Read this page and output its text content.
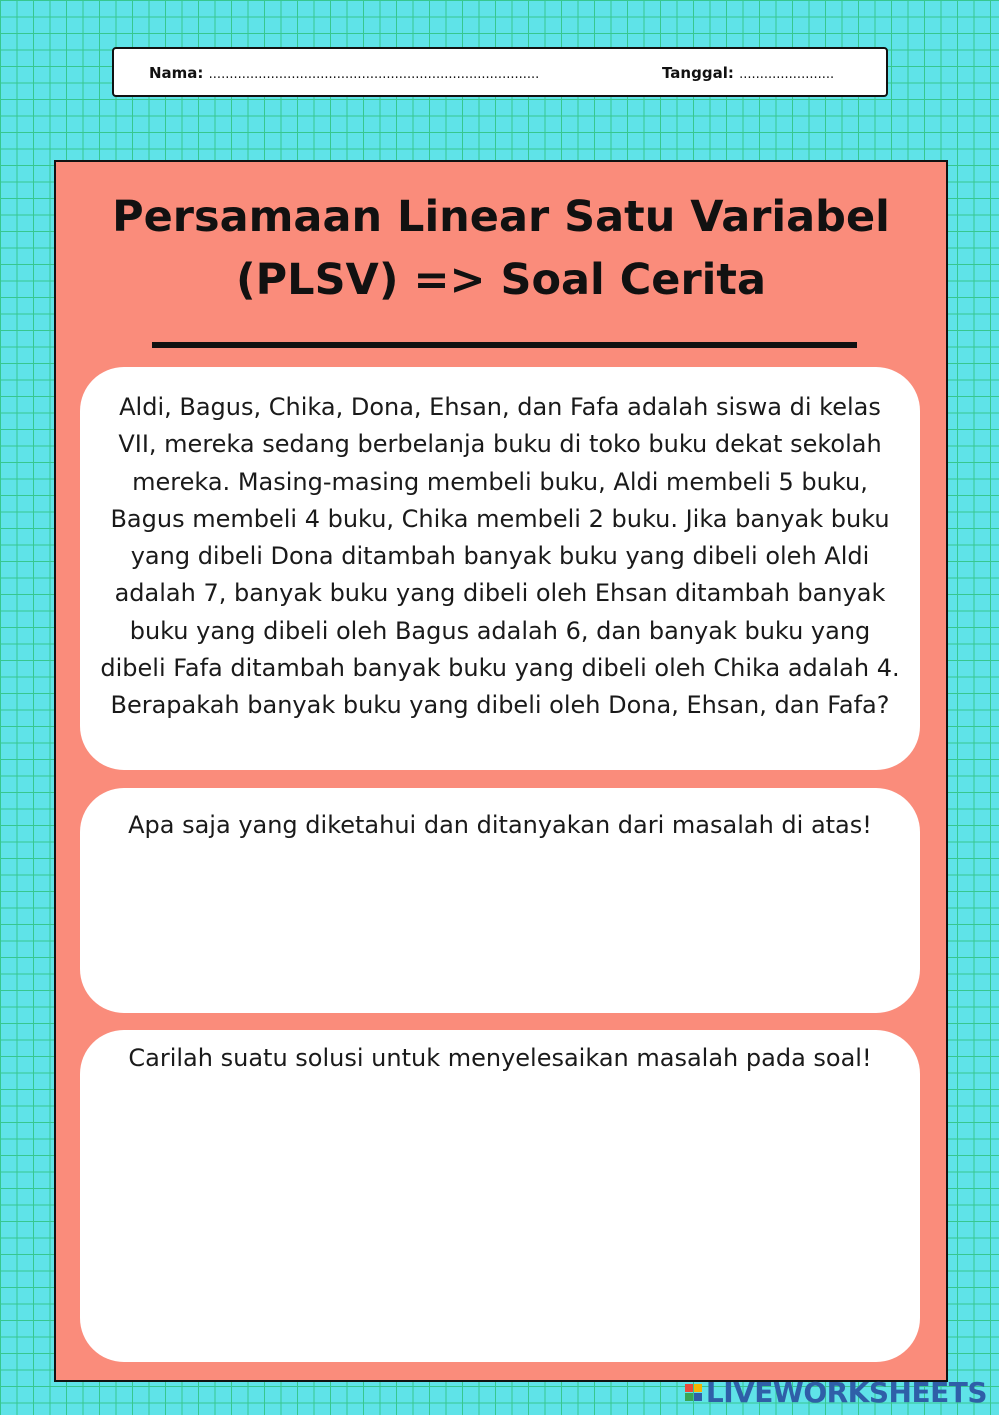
Nama: ................................................................................	Tanggal: .......................
Persamaan Linear Satu Variabel
(PLSV) => Soal Cerita

Aldi, Bagus, Chika, Dona, Ehsan, dan Fafa adalah siswa di kelas VII, mereka sedang berbelanja buku di toko buku dekat sekolah mereka. Masing-masing membeli buku, Aldi membeli 5 buku, Bagus membeli 4 buku, Chika membeli 2 buku. Jika banyak buku yang dibeli Dona ditambah banyak buku yang dibeli oleh Aldi adalah 7, banyak buku yang dibeli oleh Ehsan ditambah banyak buku yang dibeli oleh Bagus adalah 6, dan banyak buku yang dibeli Fafa ditambah banyak buku yang dibeli oleh Chika adalah 4. Berapakah banyak buku yang dibeli oleh Dona, Ehsan, dan Fafa?

Apa saja yang diketahui dan ditanyakan dari masalah di atas!

Carilah suatu solusi untuk menyelesaikan masalah pada soal!

LIVEWORKSHEETS
